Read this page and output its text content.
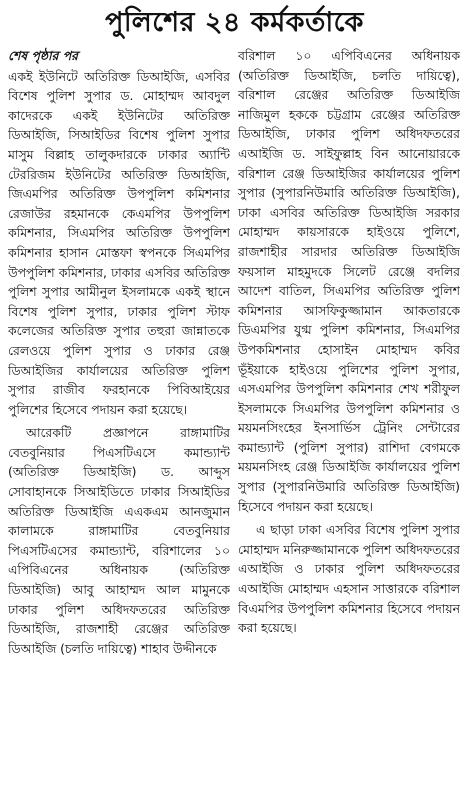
পুলিশের ২৪ কর্মকর্তাকে
শেষ পৃষ্ঠার পর

একই ইউনিটে অতিরিক্ত ডিআইজি, এসবির বিশেষ পুলিশ সুপার ড. মোহাম্মদ আবদুল কাদেরকে একই ইউনিটের অতিরিক্ত ডিআইজি, সিআইডির বিশেষ পুলিশ সুপার মাসুম বিল্লাহ তালুকদারকে ঢাকার অ্যান্টি টেররিজম ইউনিটের অতিরিক্ত ডিআইজি, জিএমপির অতিরিক্ত উপপুলিশ কমিশনার রেজাউর রহমানকে কেএমপির উপপুলিশ কমিশনার, সিএমপির অতিরিক্ত উপপুলিশ কমিশনার হাসান মোস্তফা স্বপনকে সিএমপির উপপুলিশ কমিশনার, ঢাকার এসবির অতিরিক্ত পুলিশ সুপার আমীনুল ইসলামকে একই স্থানে বিশেষ পুলিশ সুপার, ঢাকার পুলিশ স্টাফ কলেজের অতিরিক্ত সুপার তহুরা জান্নাতকে রেলওয়ে পুলিশ সুপার ও ঢাকার রেঞ্জ ডিআইজির কার্যালয়ের অতিরিক্ত পুলিশ সুপার রাজীব ফরহানকে পিবিআইয়ের পুলিশের হিসেবে পদায়ন করা হয়েছে।

আরেকটি প্রজ্ঞাপনে রাঙ্গামাটির বেতবুনিয়ার পিএসটিএসে কমান্ড্যান্ট (অতিরিক্ত ডিআইজি) ড. আব্দুস সোবাহানকে সিআইডিতে ঢাকার সিআইডির অতিরিক্ত ডিআইজি এএকএম আনজুমান কালামকে রাঙ্গামাটির বেতবুনিয়ার পিএসটিএসের কমান্ড্যান্ট, বরিশালের ১০ এপিবিএনের অধিনায়ক (অতিরিক্ত ডিআইজি) আবু আহাম্মদ আল মামুনকে ঢাকার পুলিশ অধিদফতরের অতিরিক্ত ডিআইজি, রাজশাহী রেঞ্জের অতিরিক্ত ডিআইজি (চলতি দায়িত্বে) শাহাব উদ্দীনকে

বরিশাল ১০ এপিবিএনের অধিনায়ক (অতিরিক্ত ডিআইজি, চলতি দায়িত্বে), বরিশাল রেঞ্জের অতিরিক্ত ডিআইজি নাজিমুল হককে চট্টগ্রাম রেঞ্জের অতিরিক্ত ডিআইজি, ঢাকার পুলিশ অধিদফতরের এআইজি ড. সাইফুল্লাহ বিন আনোয়ারকে বরিশাল রেঞ্জ ডিআইজির কার্যালয়ের পুলিশ সুপার (সুপারনিউমারি অতিরিক্ত ডিআইজি), ঢাকা এসবির অতিরিক্ত ডিআইজি সরকার মোহাম্মদ কায়সারকে হাইওয়ে পুলিশে, রাজশাহীর সারদার অতিরিক্ত ডিআইজি ফয়সাল মাহমুদকে সিলেট রেঞ্জে বদলির আদেশ বাতিল, সিএমপির অতিরিক্ত পুলিশ কমিশনার আসফিকুজ্জামান আকতারকে ডিএমপির যুগ্ম পুলিশ কমিশনার, সিএমপির উপকমিশনার হোসাইন মোহাম্মদ কবির ভূঁইয়াকে হাইওয়ে পুলিশের পুলিশ সুপার, এসএমপির উপপুলিশ কমিশনার শেখ শরীফুল ইসলামকে সিএমপির উপপুলিশ কমিশনার ও ময়মনসিংহের ইনসার্ভিস ট্রেনিং সেন্টারের কমান্ড্যান্ট (পুলিশ সুপার) রাশিদা বেগমকে ময়মনসিংহ রেঞ্জ ডিআইজি কার্যালয়ের পুলিশ সুপার (সুপারনিউমারি অতিরিক্ত ডিআইজি) হিসেবে পদায়ন করা হয়েছে।

এ ছাড়া ঢাকা এসবির বিশেষ পুলিশ সুপার মোহাম্মদ মনিরুজ্জামানকে পুলিশ অধিদফতরের এআইজি ও ঢাকার পুলিশ অধিদফতরের এআইজি মোহাম্মদ এহসান সাত্তারকে বরিশাল বিএমপির উপপুলিশ কমিশনার হিসেবে পদায়ন করা হয়েছে।
